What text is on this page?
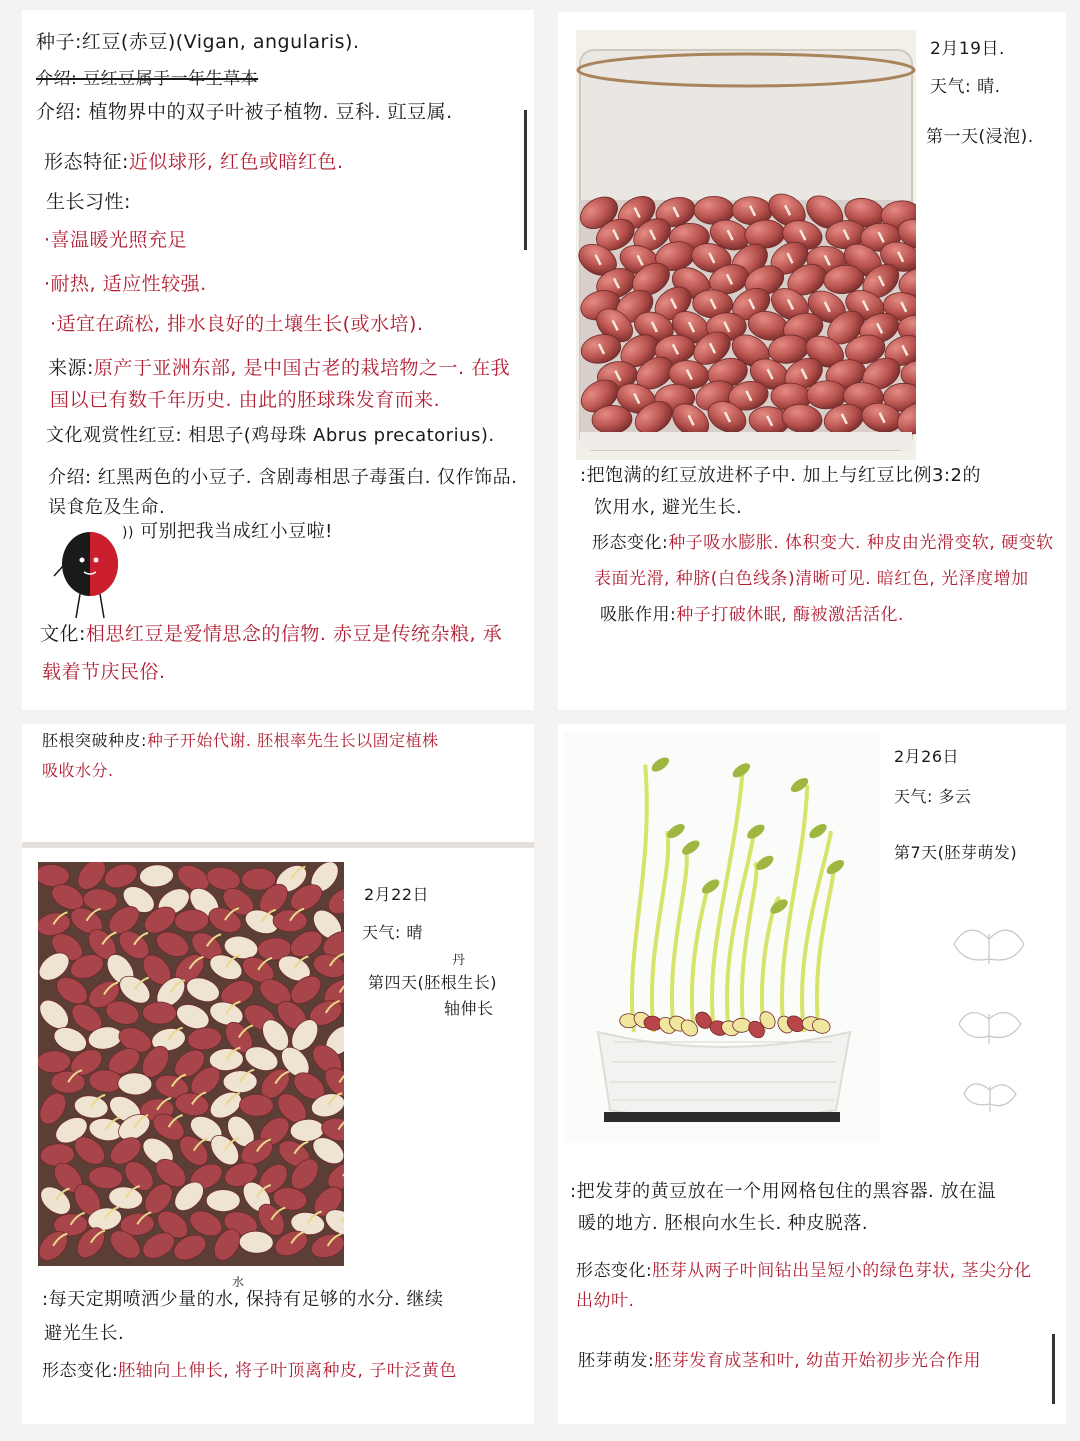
种子:红豆(赤豆)(Vigan, angularis).
介绍: 豆红豆属于一年生草本
介绍: 植物界中的双子叶被子植物. 豆科. 豇豆属.
形态特征:近似球形, 红色或暗红色.
生长习性:
·喜温暖光照充足
·耐热, 适应性较强.
·适宜在疏松, 排水良好的土壤生长(或水培).
来源:原产于亚洲东部, 是中国古老的栽培物之一. 在我
国以已有数千年历史. 由此的胚球珠发育而来.
文化观赏性红豆: 相思子(鸡母珠 Abrus precatorius).
介绍: 红黑两色的小豆子. 含剧毒相思子毒蛋白. 仅作饰品.
误食危及生命.
)) 可别把我当成红小豆啦!
文化:相思红豆是爱情思念的信物. 赤豆是传统杂粮, 承
载着节庆民俗.
2月19日.
天气: 晴.
第一天(浸泡).
:把饱满的红豆放进杯子中. 加上与红豆比例3:2的
饮用水, 避光生长.
形态变化:种子吸水膨胀. 体积变大. 种皮由光滑变软, 硬变软
表面光滑, 种脐(白色线条)清晰可见. 暗红色, 光泽度增加
吸胀作用:种子打破休眠, 酶被激活活化.
胚根突破种皮:种子开始代谢. 胚根率先生长以固定植株
吸收水分.
2月22日
天气: 晴
丹
第四天(胚根生长)
轴伸长
水
:每天定期喷洒少量的水, 保持有足够的水分. 继续
避光生长.
形态变化:胚轴向上伸长, 将子叶顶离种皮, 子叶泛黄色
2月26日
天气: 多云
第7天(胚芽萌发)
:把发芽的黄豆放在一个用网格包住的黑容器. 放在温
暖的地方. 胚根向水生长. 种皮脱落.
形态变化:胚芽从两子叶间钻出呈短小的绿色芽状, 茎尖分化
出幼叶.
胚芽萌发:胚芽发育成茎和叶, 幼苗开始初步光合作用
